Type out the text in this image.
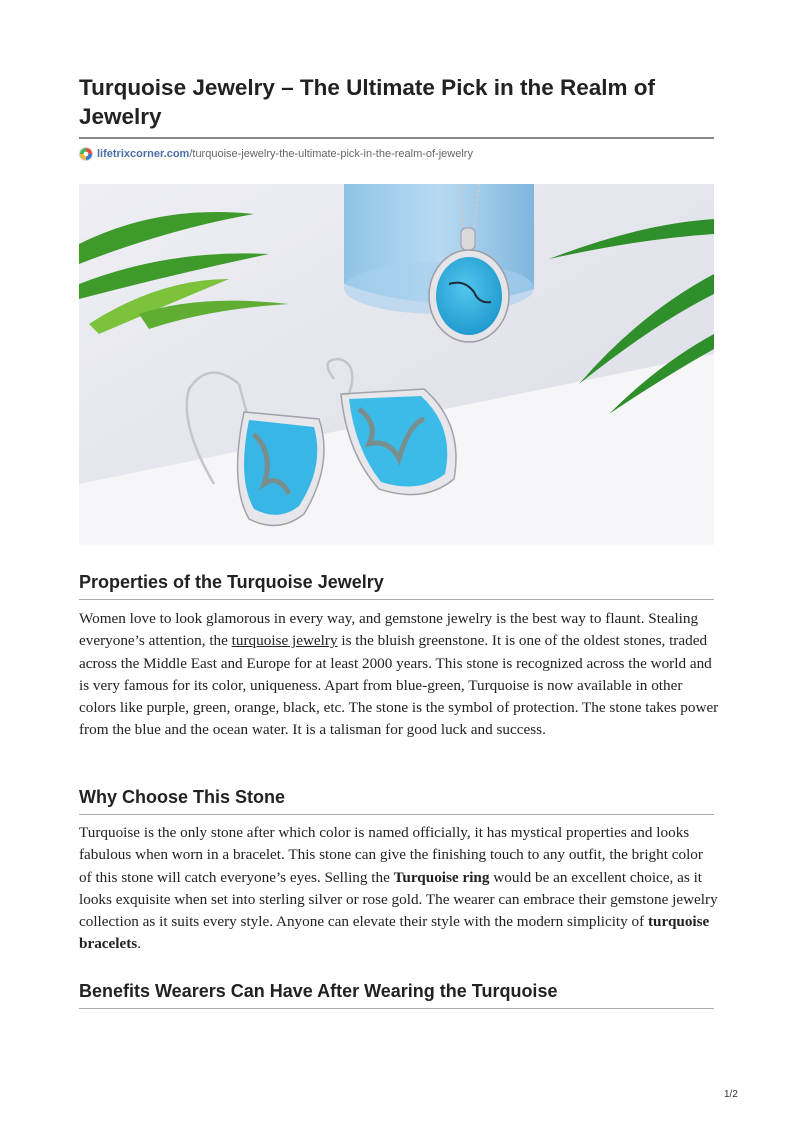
Turquoise Jewelry – The Ultimate Pick in the Realm of Jewelry
lifetrixcorner.com /turquoise-jewelry-the-ultimate-pick-in-the-realm-of-jewelry
Properties of the Turquoise Jewelry
Women love to look glamorous in every way, and gemstone jewelry is the best way to flaunt. Stealing everyone’s attention, the turquoise jewelry is the bluish greenstone. It is one of the oldest stones, traded across the Middle East and Europe for at least 2000 years. This stone is recognized across the world and is very famous for its color, uniqueness. Apart from blue-green, Turquoise is now available in other colors like purple, green, orange, black, etc. The stone is the symbol of protection. The stone takes power from the blue and the ocean water. It is a talisman for good luck and success.
Why Choose This Stone
Turquoise is the only stone after which color is named officially, it has mystical properties and looks fabulous when worn in a bracelet. This stone can give the finishing touch to any outfit, the bright color of this stone will catch everyone’s eyes. Selling the Turquoise ring would be an excellent choice, as it looks exquisite when set into sterling silver or rose gold. The wearer can embrace their gemstone jewelry collection as it suits every style. Anyone can elevate their style with the modern simplicity of turquoise bracelets.
Benefits Wearers Can Have After Wearing the Turquoise
1/2
